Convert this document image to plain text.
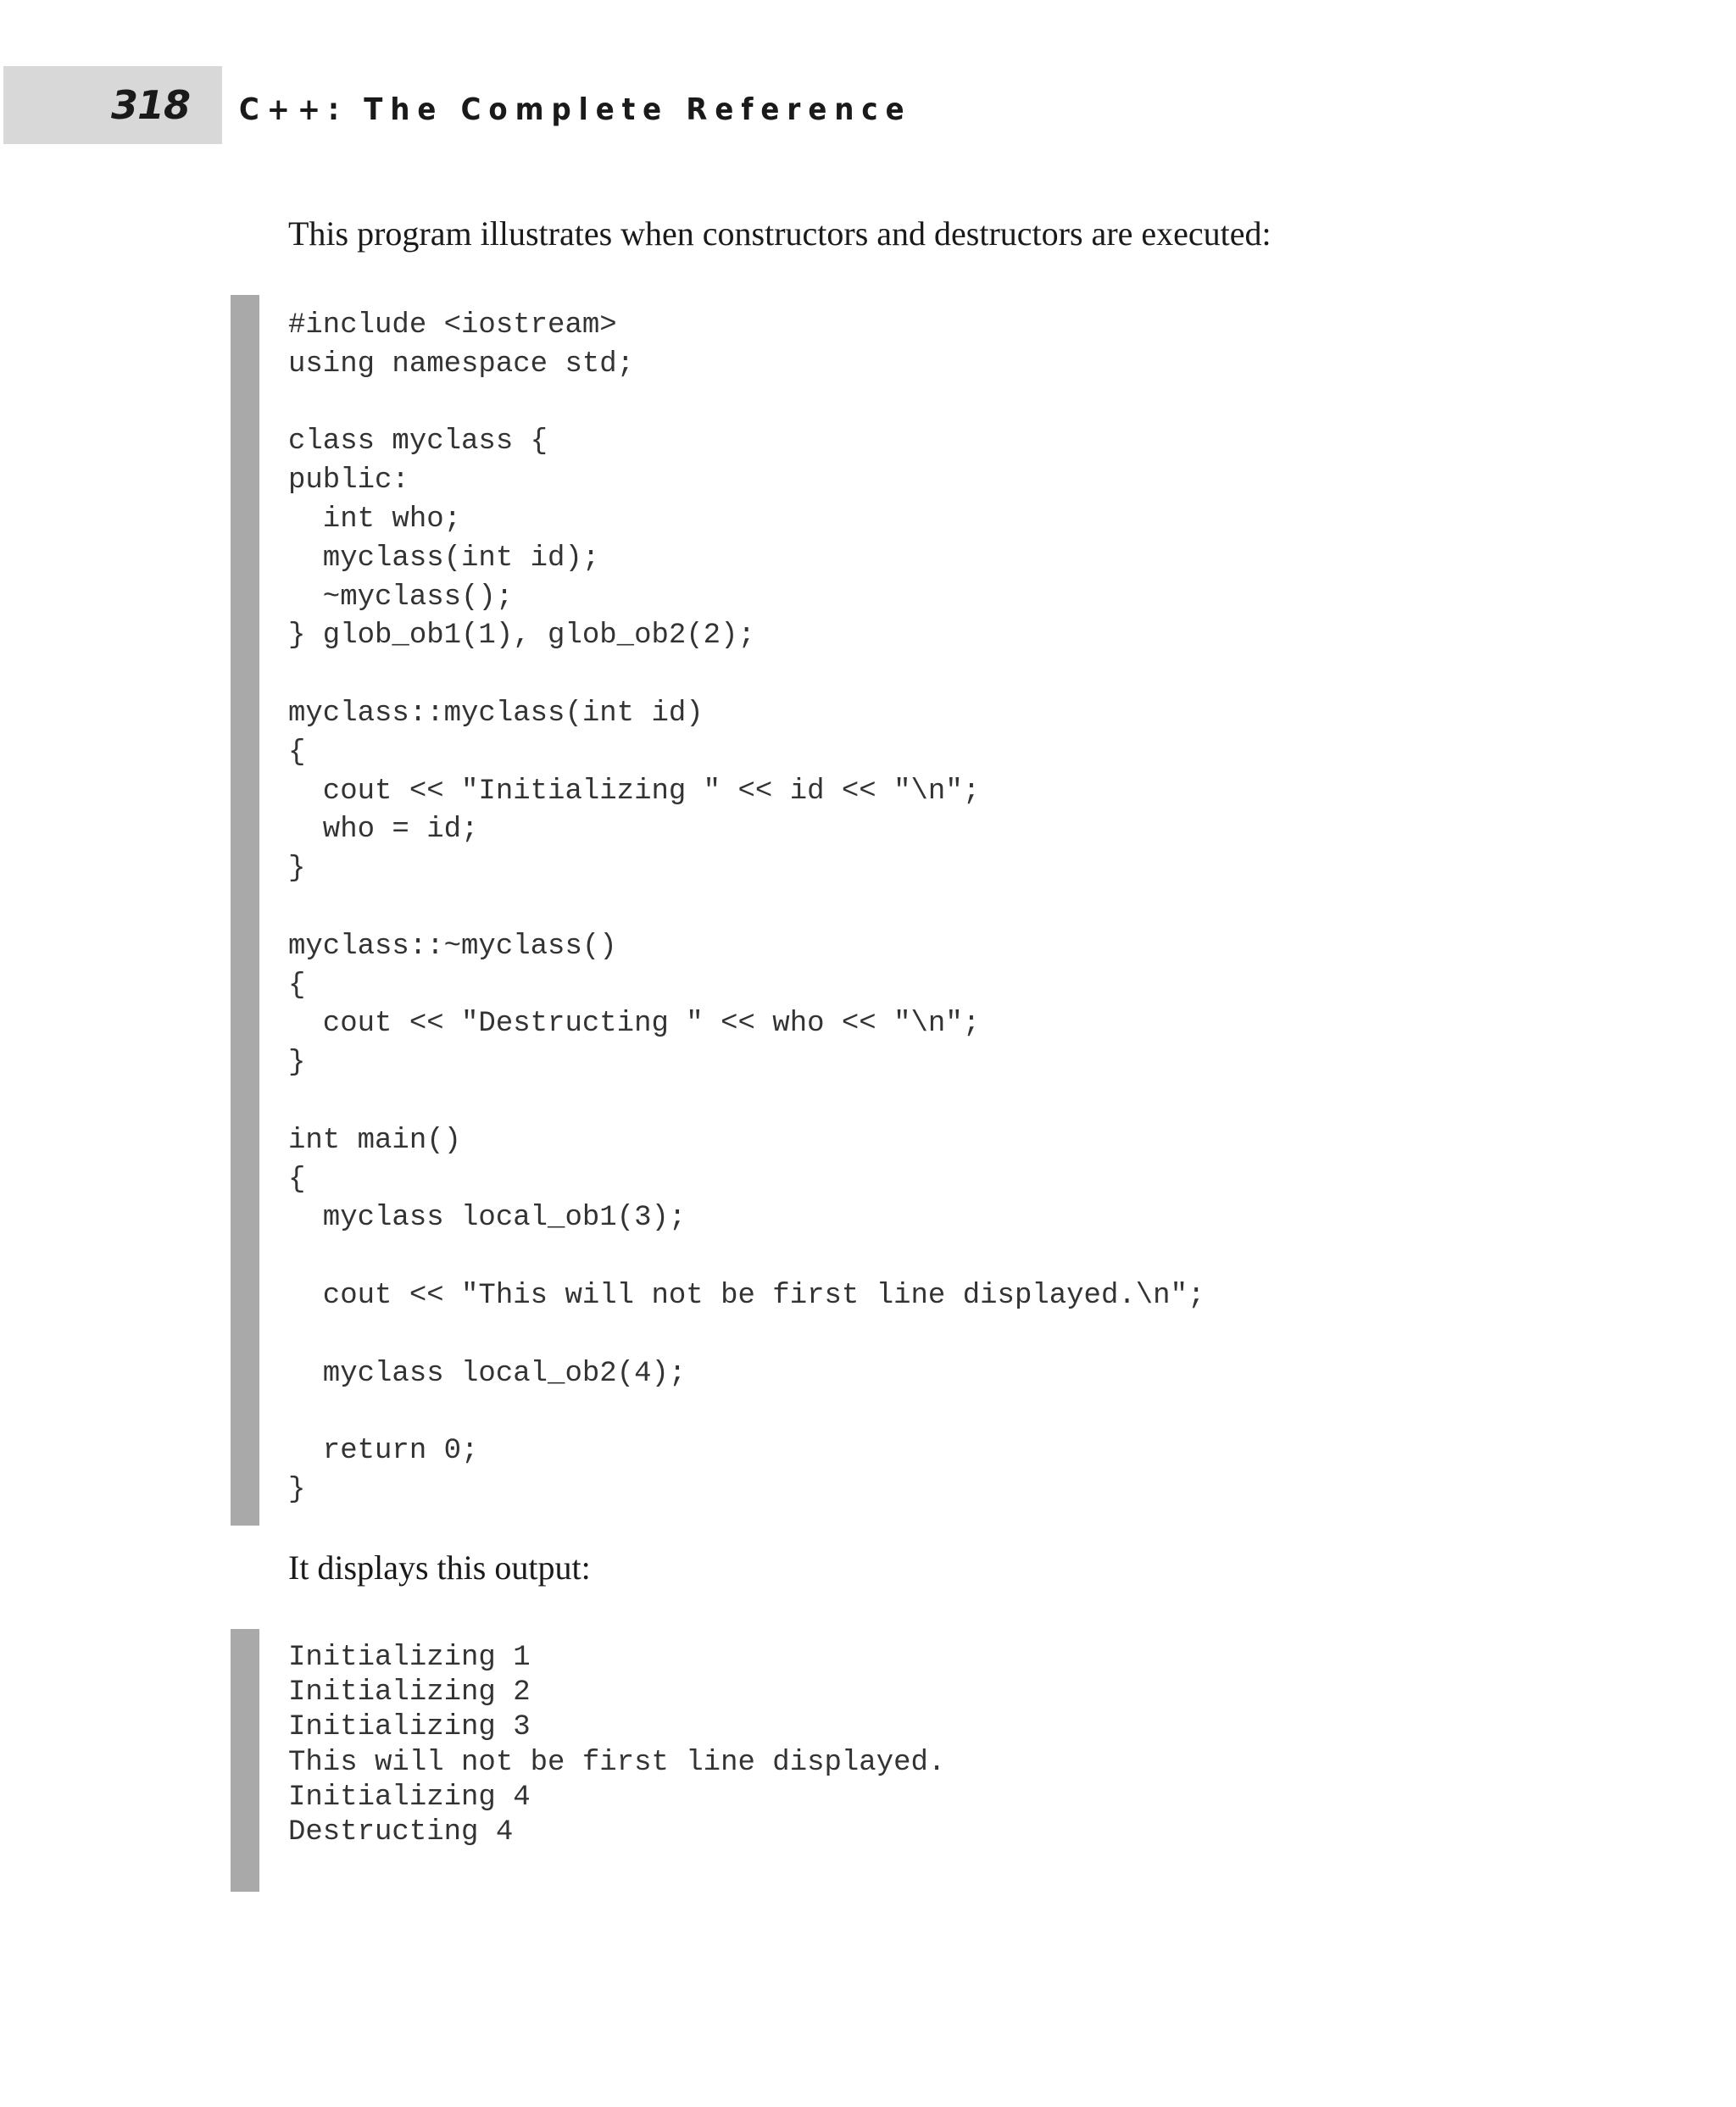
318 C++: The Complete Reference
This program illustrates when constructors and destructors are executed:
#include <iostream>
using namespace std;

class myclass {
public:
int who;
myclass(int id);
~myclass();
} glob_ob1(1), glob_ob2(2);

myclass::myclass(int id)
{
cout << "Initializing " << id << "\n";
who = id;
}

myclass::~myclass()
{
cout << "Destructing " << who << "\n";
}

int main()
{
myclass local_ob1(3);

cout << "This will not be first line displayed.\n";

myclass local_ob2(4);

return 0;
}
It displays this output:
Initializing 1
Initializing 2
Initializing 3
This will not be first line displayed.
Initializing 4
Destructing 4
